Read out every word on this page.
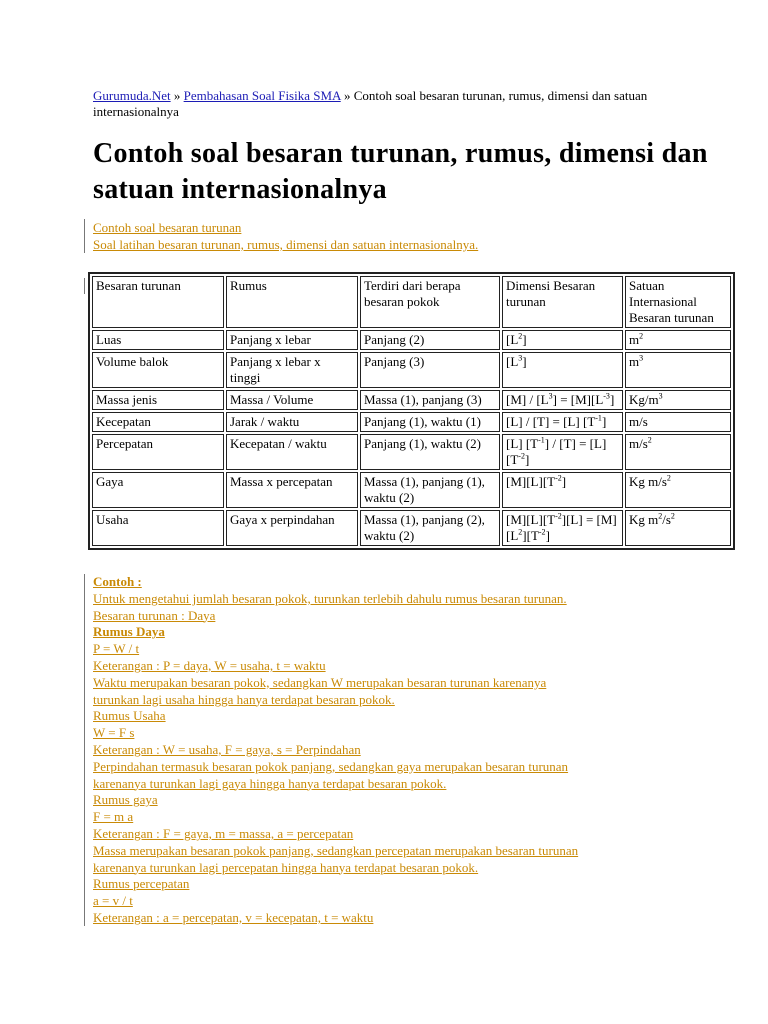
Gurumuda.Net » Pembahasan Soal Fisika SMA » Contoh soal besaran turunan, rumus, dimensi dan satuan internasionalnya
Contoh soal besaran turunan, rumus, dimensi dan satuan internasionalnya
Contoh soal besaran turunan
Soal latihan besaran turunan, rumus, dimensi dan satuan internasionalnya.
Besaran turunan	Rumus	Terdiri dari berapa besaran pokok	Dimensi Besaran turunan	Satuan Internasional Besaran turunan
Luas	Panjang x lebar	Panjang (2)	$[L^2]$	$m^2$
Volume balok	Panjang x lebar x tinggi	Panjang (3)	$[L^3]$	$m^3$
Massa jenis	Massa / Volume	Massa (1), panjang (3)	$[M] / [L^3] = [M][L^{-3}]$	$Kg/m^3$
Kecepatan	Jarak / waktu	Panjang (1), waktu (1)	[L] / [T] = [L] $[T^{-1}]$	m/s
Percepatan	Kecepatan / waktu	Panjang (1), waktu (2)	[L] $[T^{-1}] / [T] = [L]$ $[T^{-2}]$	$m/s^2$
Gaya	Massa x percepatan	Massa (1), panjang (1), waktu (2)	$[M][L][T^{-2}]$	Kg $m/s^2$
Usaha	Gaya x perpindahan	Massa (1), panjang (2), waktu (2)	$[M][L][T^{-2}][L] = [M][L^2][T^{-2}]$	Kg $m^2/s^2$
Contoh :
Untuk mengetahui jumlah besaran pokok, turunkan terlebih dahulu rumus besaran turunan.
Besaran turunan : Daya
Rumus Daya
P = W / t
Keterangan : P = daya, W = usaha, t = waktu
Waktu merupakan besaran pokok, sedangkan W merupakan besaran turunan karenanya
turunkan lagi usaha hingga hanya terdapat besaran pokok.
Rumus Usaha
W = F s
Keterangan : W = usaha, F = gaya, s = Perpindahan
Perpindahan termasuk besaran pokok panjang, sedangkan gaya merupakan besaran turunan
karenanya turunkan lagi gaya hingga hanya terdapat besaran pokok.
Rumus gaya
F = m a
Keterangan : F = gaya, m = massa, a = percepatan
Massa merupakan besaran pokok panjang, sedangkan percepatan merupakan besaran turunan
karenanya turunkan lagi percepatan hingga hanya terdapat besaran pokok.
Rumus percepatan
a = v / t
Keterangan : a = percepatan, v = kecepatan, t = waktu
